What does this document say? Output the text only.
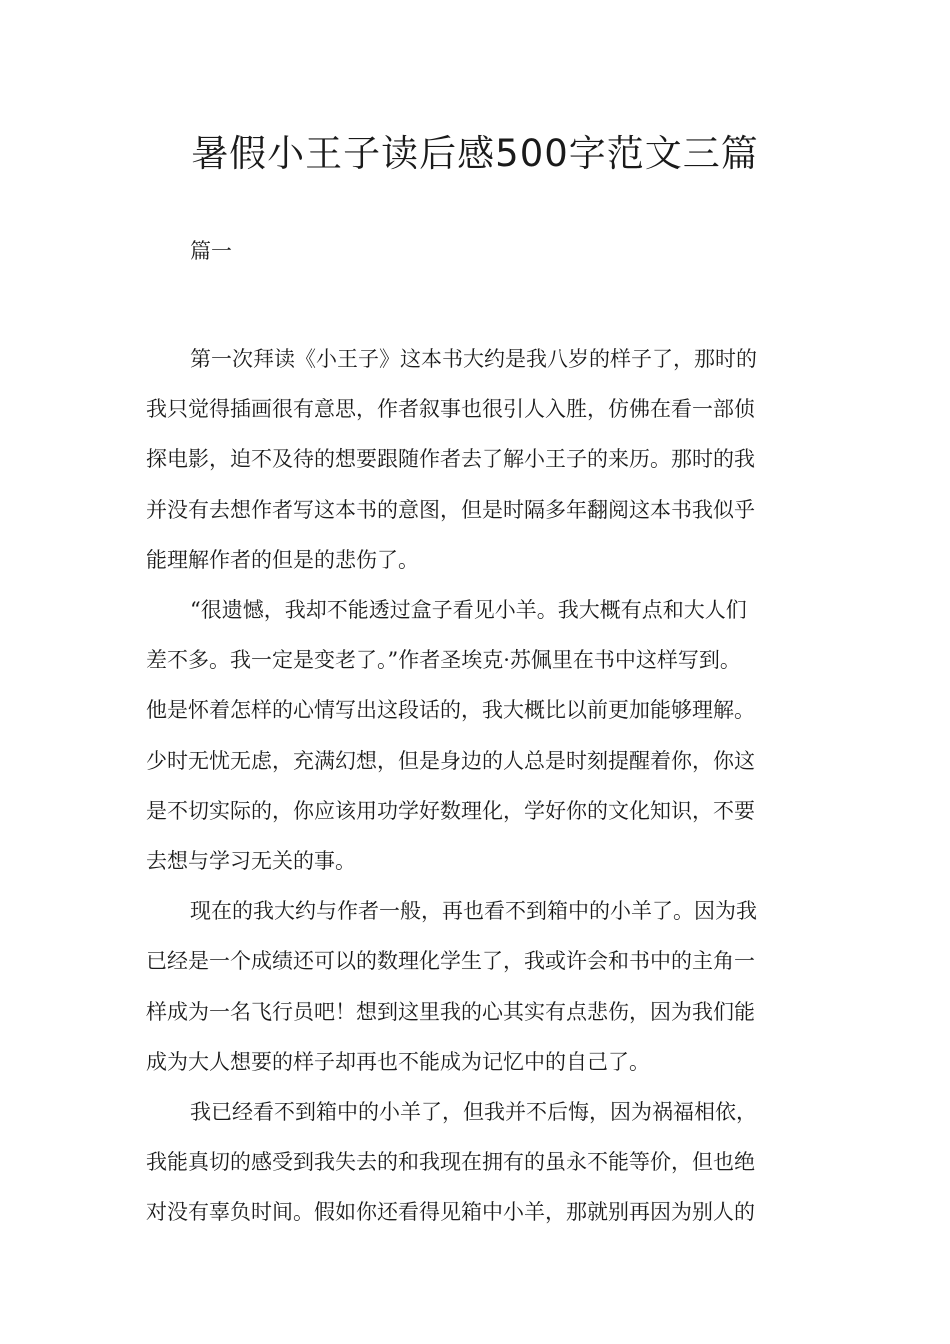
暑假小王子读后感500字范文三篇

篇一

第一次拜读《小王子》这本书大约是我八岁的样子了，那时的
我只觉得插画很有意思，作者叙事也很引人入胜，仿佛在看一部侦
探电影，迫不及待的想要跟随作者去了解小王子的来历。那时的我
并没有去想作者写这本书的意图，但是时隔多年翻阅这本书我似乎
能理解作者的但是的悲伤了。

“很遗憾，我却不能透过盒子看见小羊。我大概有点和大人们
差不多。我一定是变老了。”作者圣埃克·苏佩里在书中这样写到。
他是怀着怎样的心情写出这段话的，我大概比以前更加能够理解。
少时无忧无虑，充满幻想，但是身边的人总是时刻提醒着你，你这
是不切实际的，你应该用功学好数理化，学好你的文化知识，不要
去想与学习无关的事。

现在的我大约与作者一般，再也看不到箱中的小羊了。因为我
已经是一个成绩还可以的数理化学生了，我或许会和书中的主角一
样成为一名飞行员吧！想到这里我的心其实有点悲伤，因为我们能
成为大人想要的样子却再也不能成为记忆中的自己了。

我已经看不到箱中的小羊了，但我并不后悔，因为祸福相依，
我能真切的感受到我失去的和我现在拥有的虽永不能等价，但也绝
对没有辜负时间。假如你还看得见箱中小羊，那就别再因为别人的
